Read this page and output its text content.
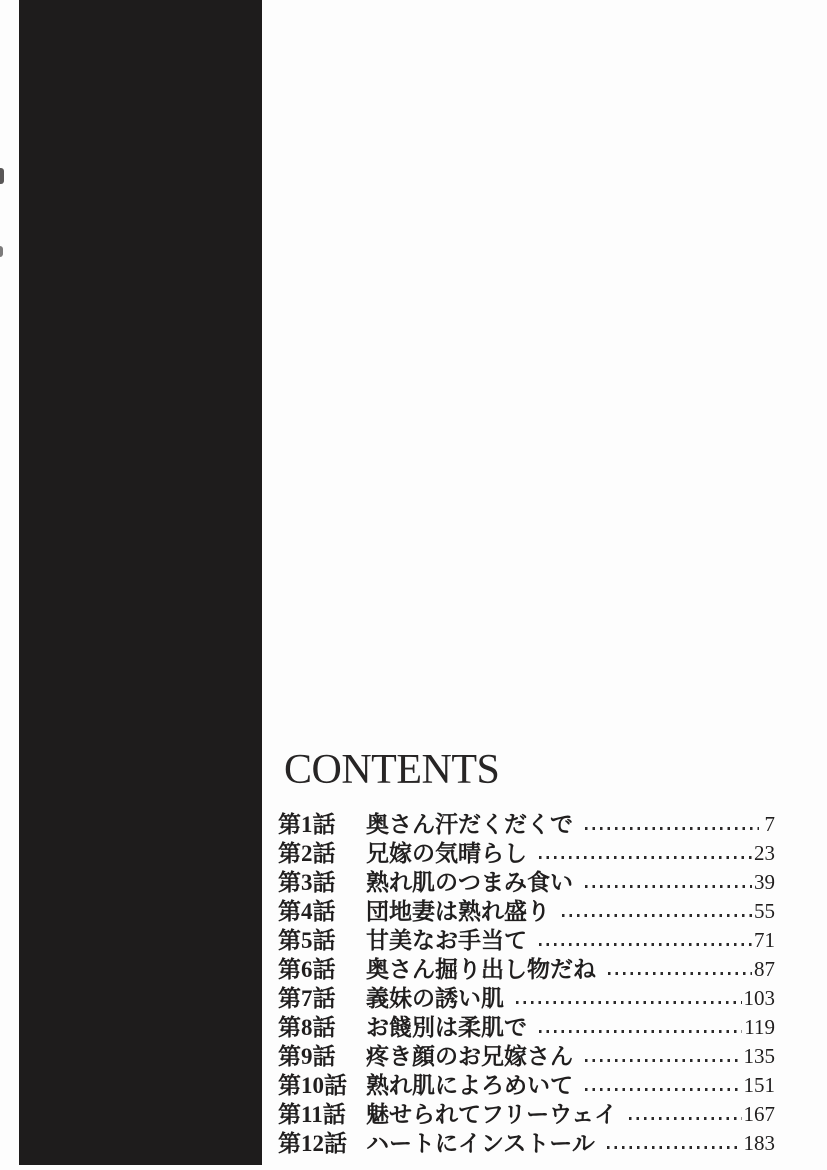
CONTENTS
第1話	奥さん汗だくだくで	7
第2話	兄嫁の気晴らし	23
第3話	熟れ肌のつまみ食い	39
第4話	団地妻は熟れ盛り	55
第5話	甘美なお手当て	71
第6話	奥さん掘り出し物だね	87
第7話	義妹の誘い肌	103
第8話	お餞別は柔肌で	119
第9話	疼き顔のお兄嫁さん	135
第10話 熟れ肌によろめいて	151
第11話 魅せられてフリーウェイ	167
第12話 ハートにインストール	183
